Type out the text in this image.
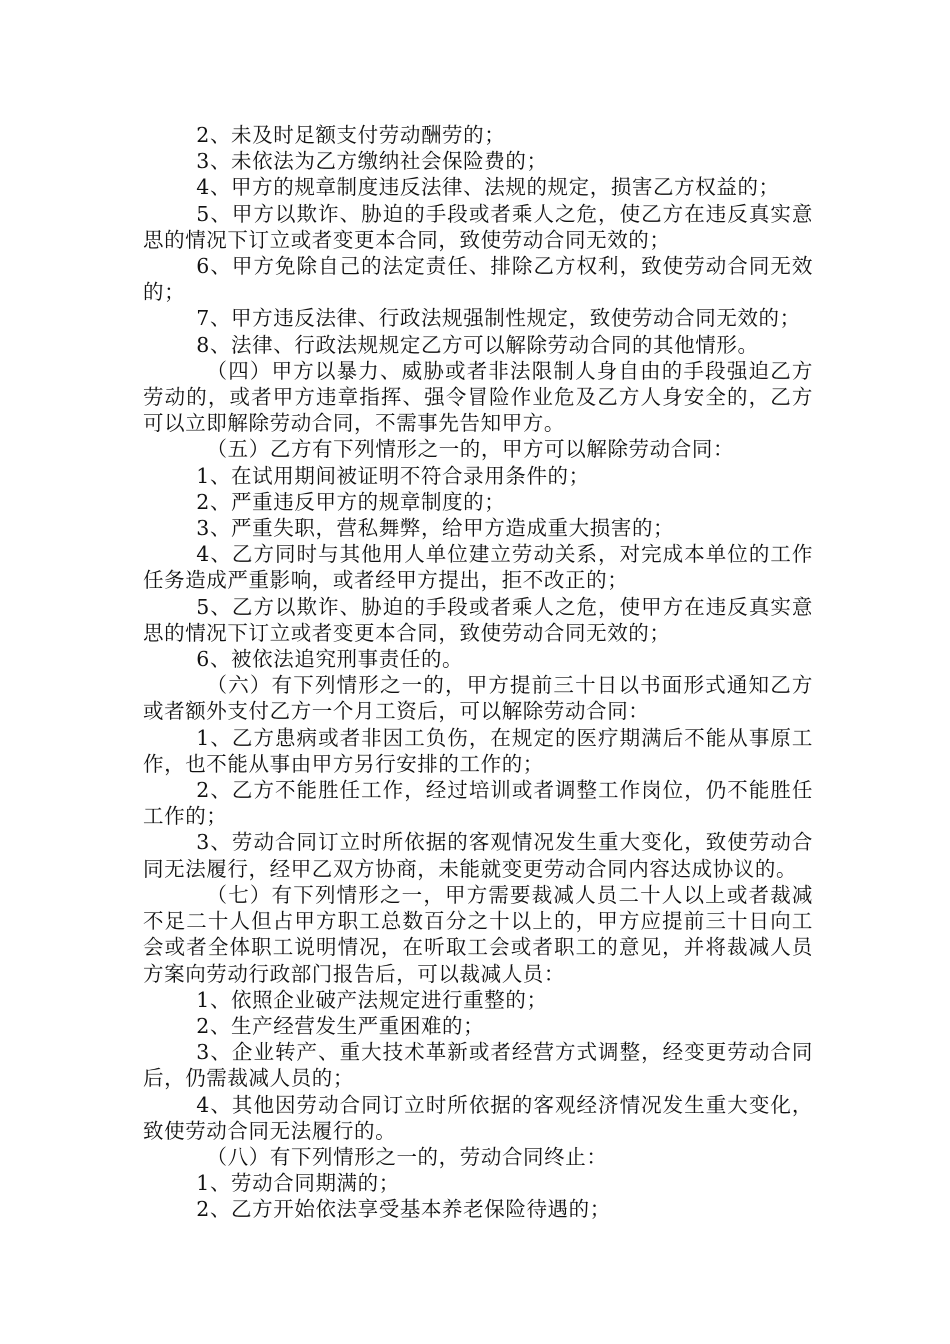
2、未及时足额支付劳动酬劳的；

3、未依法为乙方缴纳社会保险费的；

4、甲方的规章制度违反法律、法规的规定，损害乙方权益的；

5、甲方以欺诈、胁迫的手段或者乘人之危，使乙方在违反真实意思的情况下订立或者变更本合同，致使劳动合同无效的；

6、甲方免除自己的法定责任、排除乙方权利，致使劳动合同无效的；

7、甲方违反法律、行政法规强制性规定，致使劳动合同无效的；

8、法律、行政法规规定乙方可以解除劳动合同的其他情形。

（四）甲方以暴力、威胁或者非法限制人身自由的手段强迫乙方劳动的，或者甲方违章指挥、强令冒险作业危及乙方人身安全的，乙方可以立即解除劳动合同，不需事先告知甲方。

（五）乙方有下列情形之一的，甲方可以解除劳动合同：

1、在试用期间被证明不符合录用条件的；

2、严重违反甲方的规章制度的；

3、严重失职，营私舞弊，给甲方造成重大损害的；

4、乙方同时与其他用人单位建立劳动关系，对完成本单位的工作任务造成严重影响，或者经甲方提出，拒不改正的；

5、乙方以欺诈、胁迫的手段或者乘人之危，使甲方在违反真实意思的情况下订立或者变更本合同，致使劳动合同无效的；

6、被依法追究刑事责任的。

（六）有下列情形之一的，甲方提前三十日以书面形式通知乙方或者额外支付乙方一个月工资后，可以解除劳动合同：

1、乙方患病或者非因工负伤，在规定的医疗期满后不能从事原工作，也不能从事由甲方另行安排的工作的；

2、乙方不能胜任工作，经过培训或者调整工作岗位，仍不能胜任工作的；

3、劳动合同订立时所依据的客观情况发生重大变化，致使劳动合同无法履行，经甲乙双方协商，未能就变更劳动合同内容达成协议的。

（七）有下列情形之一，甲方需要裁减人员二十人以上或者裁减不足二十人但占甲方职工总数百分之十以上的，甲方应提前三十日向工会或者全体职工说明情况，在听取工会或者职工的意见，并将裁减人员方案向劳动行政部门报告后，可以裁减人员：

1、依照企业破产法规定进行重整的；

2、生产经营发生严重困难的；

3、企业转产、重大技术革新或者经营方式调整，经变更劳动合同后，仍需裁减人员的；

4、其他因劳动合同订立时所依据的客观经济情况发生重大变化，致使劳动合同无法履行的。

（八）有下列情形之一的，劳动合同终止：

1、劳动合同期满的；

2、乙方开始依法享受基本养老保险待遇的；
